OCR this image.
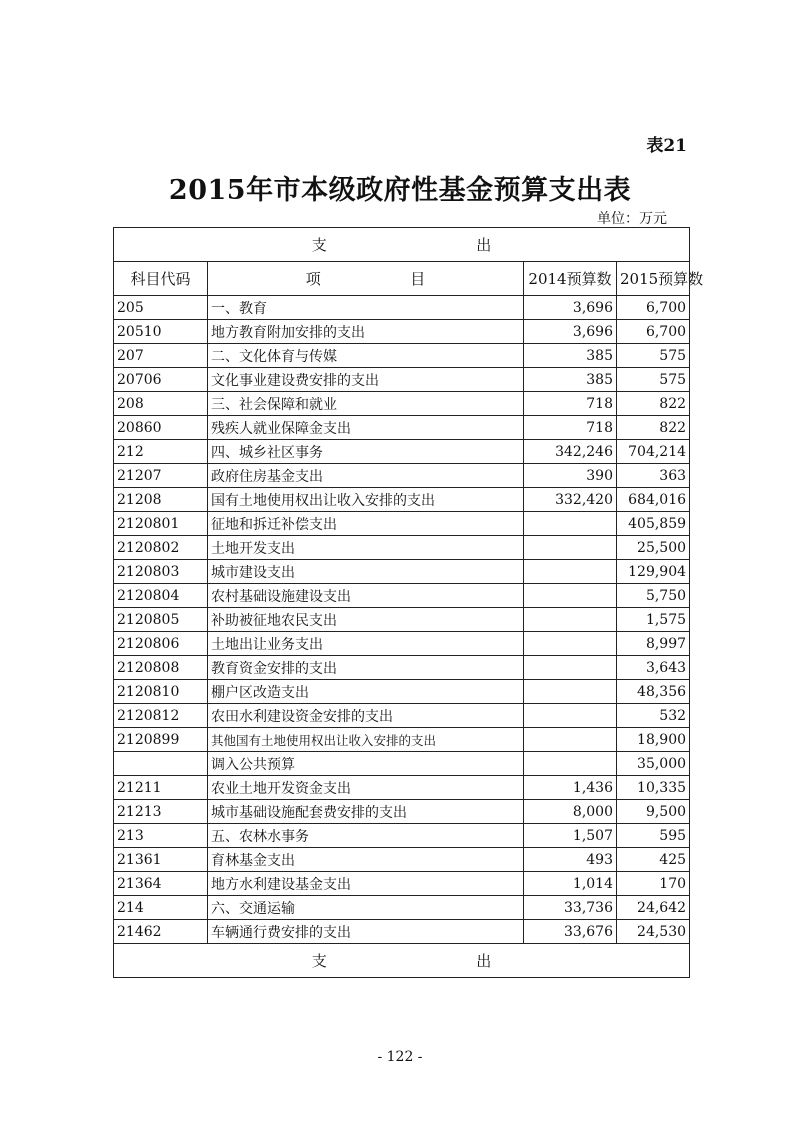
表21
2015年市本级政府性基金预算支出表
单位：万元
支 出			

科目代码	项 目	2014预算数	2015预算数
205	一、教育	3,696	6,700
20510	地方教育附加安排的支出	3,696	6,700
207	二、文化体育与传媒	385	575
20706	文化事业建设费安排的支出	385	575
208	三、社会保障和就业	718	822
20860	残疾人就业保障金支出	718	822
212	四、城乡社区事务	342,246	704,214
21207	政府住房基金支出	390	363
21208	国有土地使用权出让收入安排的支出	332,420	684,016
2120801	征地和拆迁补偿支出		405,859
2120802	土地开发支出		25,500
2120803	城市建设支出		129,904
2120804	农村基础设施建设支出		5,750
2120805	补助被征地农民支出		1,575
2120806	土地出让业务支出		8,997
2120808	教育资金安排的支出		3,643
2120810	棚户区改造支出		48,356
2120812	农田水利建设资金安排的支出		532
2120899	其他国有土地使用权出让收入安排的支出		18,900
	调入公共预算		35,000
21211	农业土地开发资金支出	1,436	10,335
21213	城市基础设施配套费安排的支出	8,000	9,500
213	五、农林水事务	1,507	595
21361	育林基金支出	493	425
21364	地方水利建设基金支出	1,014	170
214	六、交通运输	33,736	24,642
21462	车辆通行费安排的支出	33,676	24,530

支 出			
- 122 -
